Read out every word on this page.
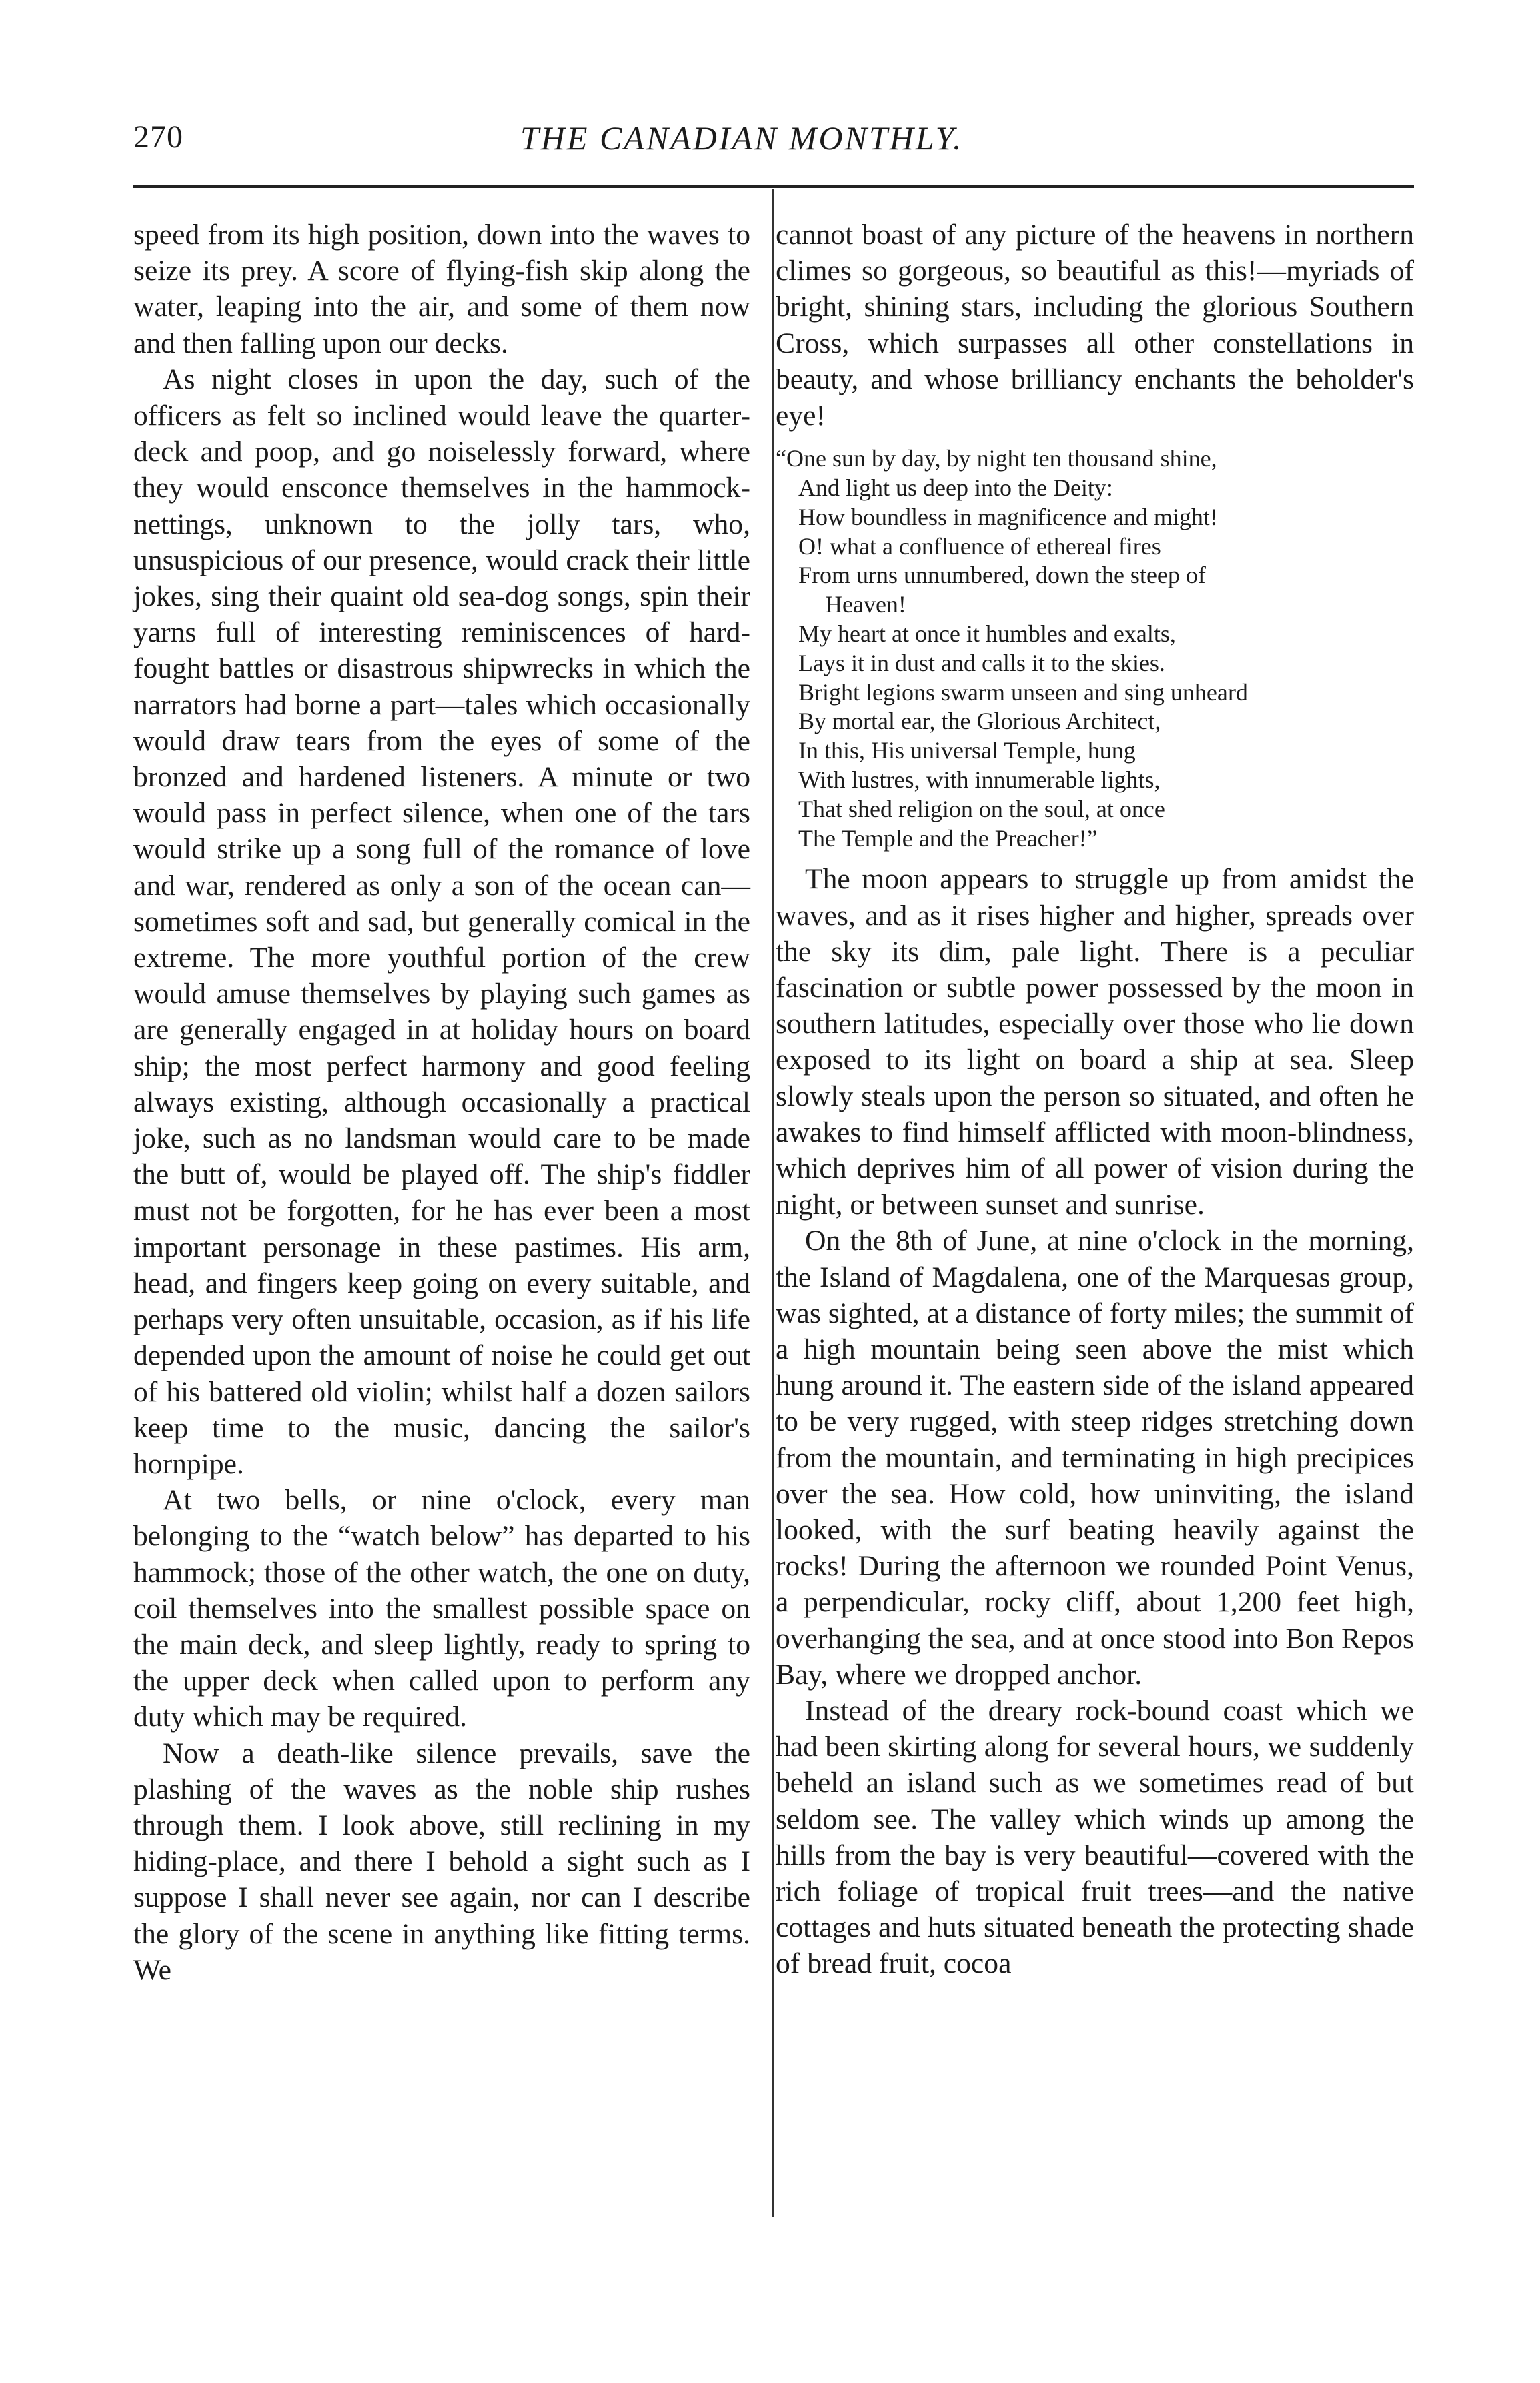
270	THE CANADIAN MONTHLY.

speed from its high position, down into the waves to seize its prey. A score of flying-fish skip along the water, leaping into the air, and some of them now and then falling upon our decks.

As night closes in upon the day, such of the officers as felt so inclined would leave the quarter-deck and poop, and go noiselessly forward, where they would ensconce themselves in the hammock-nettings, unknown to the jolly tars, who, unsuspicious of our presence, would crack their little jokes, sing their quaint old sea-dog songs, spin their yarns full of interesting reminiscences of hard-fought battles or disastrous shipwrecks in which the narrators had borne a part—tales which occasionally would draw tears from the eyes of some of the bronzed and hardened listeners. A minute or two would pass in perfect silence, when one of the tars would strike up a song full of the romance of love and war, rendered as only a son of the ocean can—sometimes soft and sad, but generally comical in the extreme. The more youthful portion of the crew would amuse themselves by playing such games as are generally engaged in at holiday hours on board ship; the most perfect harmony and good feeling always existing, although occasionally a practical joke, such as no landsman would care to be made the butt of, would be played off. The ship's fiddler must not be forgotten, for he has ever been a most important personage in these pastimes. His arm, head, and fingers keep going on every suitable, and perhaps very often unsuitable, occasion, as if his life depended upon the amount of noise he could get out of his battered old violin; whilst half a dozen sailors keep time to the music, dancing the sailor's hornpipe.

At two bells, or nine o'clock, every man belonging to the “watch below” has departed to his hammock; those of the other watch, the one on duty, coil themselves into the smallest possible space on the main deck, and sleep lightly, ready to spring to the upper deck when called upon to perform any duty which may be required.

Now a death-like silence prevails, save the plashing of the waves as the noble ship rushes through them. I look above, still reclining in my hiding-place, and there I behold a sight such as I suppose I shall never see again, nor can I describe the glory of the scene in anything like fitting terms. We

cannot boast of any picture of the heavens in northern climes so gorgeous, so beautiful as this!—myriads of bright, shining stars, including the glorious Southern Cross, which surpasses all other constellations in beauty, and whose brilliancy enchants the beholder's eye!

“One sun by day, by night ten thousand shine,
And light us deep into the Deity:
How boundless in magnificence and might!
O! what a confluence of ethereal fires
From urns unnumbered, down the steep of
Heaven!
My heart at once it humbles and exalts,
Lays it in dust and calls it to the skies.
Bright legions swarm unseen and sing unheard
By mortal ear, the Glorious Architect,
In this, His universal Temple, hung
With lustres, with innumerable lights,
That shed religion on the soul, at once
The Temple and the Preacher!”

The moon appears to struggle up from amidst the waves, and as it rises higher and higher, spreads over the sky its dim, pale light. There is a peculiar fascination or subtle power possessed by the moon in southern latitudes, especially over those who lie down exposed to its light on board a ship at sea. Sleep slowly steals upon the person so situated, and often he awakes to find himself afflicted with moon-blindness, which deprives him of all power of vision during the night, or between sunset and sunrise.

On the 8th of June, at nine o'clock in the morning, the Island of Magdalena, one of the Marquesas group, was sighted, at a distance of forty miles; the summit of a high mountain being seen above the mist which hung around it. The eastern side of the island appeared to be very rugged, with steep ridges stretching down from the mountain, and terminating in high precipices over the sea. How cold, how uninviting, the island looked, with the surf beating heavily against the rocks! During the afternoon we rounded Point Venus, a perpendicular, rocky cliff, about 1,200 feet high, overhanging the sea, and at once stood into Bon Repos Bay, where we dropped anchor.

Instead of the dreary rock-bound coast which we had been skirting along for several hours, we suddenly beheld an island such as we sometimes read of but seldom see. The valley which winds up among the hills from the bay is very beautiful—covered with the rich foliage of tropical fruit trees—and the native cottages and huts situated beneath the protecting shade of bread fruit, cocoa
